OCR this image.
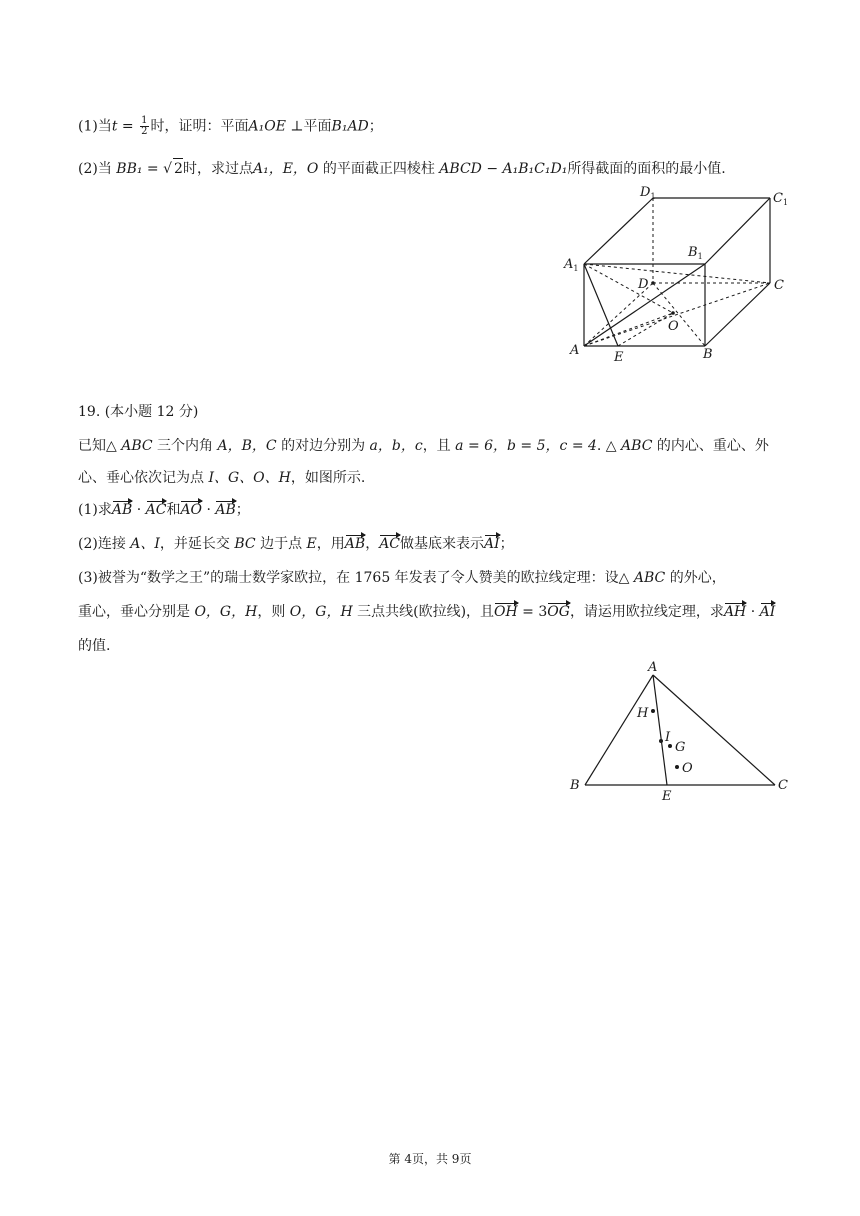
(1)当$t = \frac{1}{2}$ 时，证明：平面A₁OE ⊥平面B₁AD；
(2)当 BB₁ = √ 2时，求过点A₁，E，O 的平面截正四棱柱 ABCD − A₁B₁C₁D₁所得截面的面积的最小值.
$D_1$	$C_1$
$B_1$
$A_1$
D	C
O
A	E	B
19. (本小题 12 分)
已知△ ABC 三个内角 A，B，C 的对边分别为 a，b，c，且 a = 6，b = 5，c = 4. △ ABC 的内心、重心、外
心、垂心依次记为点 I、G、O、H，如图所示.
(1)求AB · AC和AO · AB；
(2)连接 A、I，并延长交 BC 边于点 E，用AB，AC做基底来表示AI；
(3)被誉为“数学之王”的瑞士数学家欧拉，在 1765 年发表了令人赞美的欧拉线定理：设△ ABC 的外心，
重心，垂心分别是 O，G，H，则 O，G，H 三点共线(欧拉线)，且OH = 3OG，请运用欧拉线定理，求AH · AI
的值.
A
H
I
G
O
B
E
C
第 4页，共 9页
